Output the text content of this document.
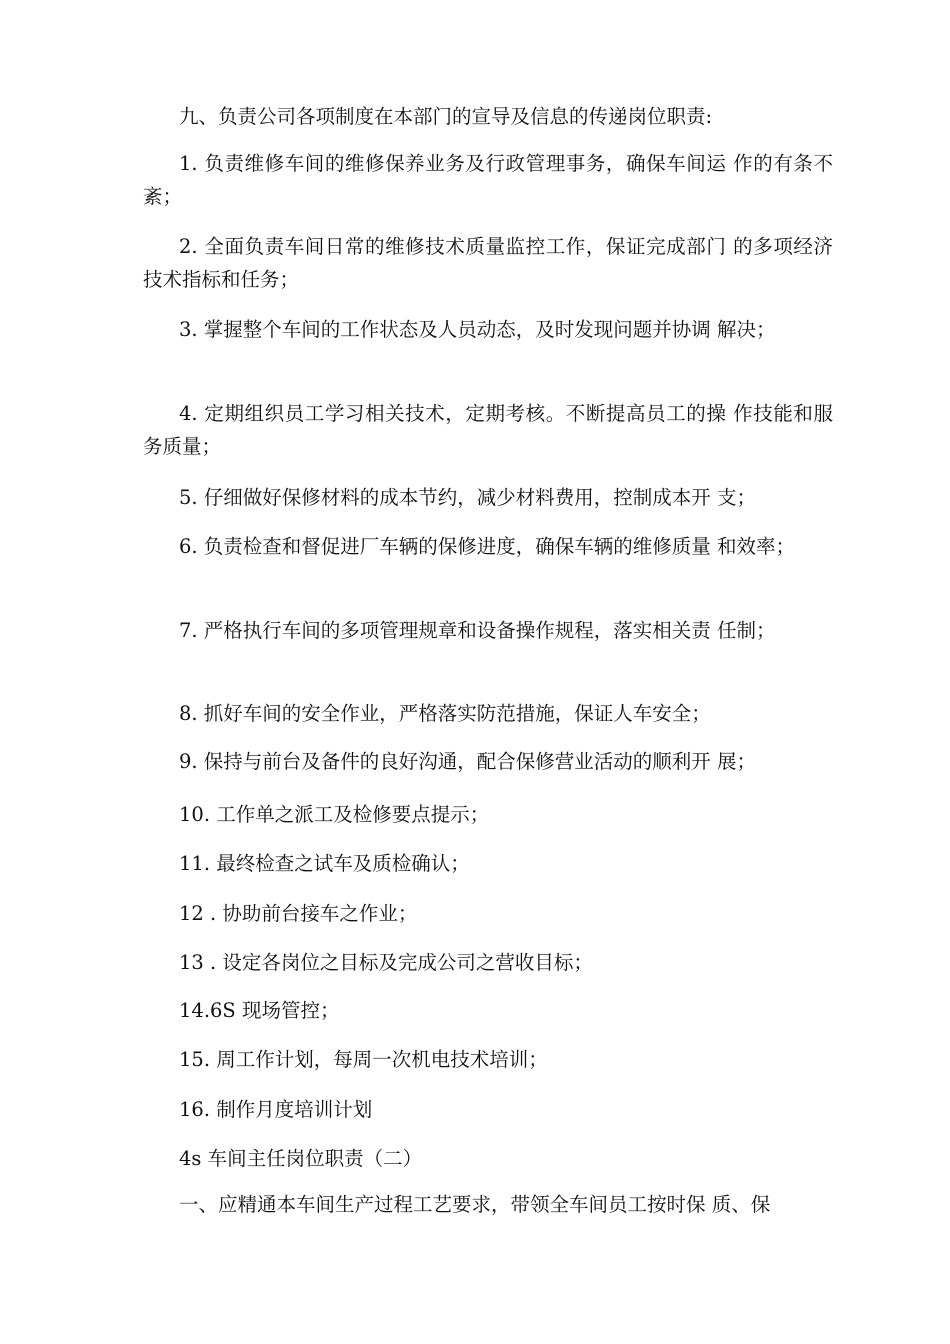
九、负责公司各项制度在本部门的宣导及信息的传递岗位职责:

1. 负责维修车间的维修保养业务及行政管理事务，确保车间运 作的有条不紊；

2. 全面负责车间日常的维修技术质量监控工作，保证完成部门 的多项经济技术指标和任务；

3. 掌握整个车间的工作状态及人员动态，及时发现问题并协调 解决；

4. 定期组织员工学习相关技术，定期考核。不断提高员工的操 作技能和服务质量；

5. 仔细做好保修材料的成本节约，减少材料费用，控制成本开 支；

6. 负责检查和督促进厂车辆的保修进度，确保车辆的维修质量 和效率；

7. 严格执行车间的多项管理规章和设备操作规程，落实相关责 任制；

8. 抓好车间的安全作业，严格落实防范措施，保证人车安全；

9. 保持与前台及备件的良好沟通，配合保修营业活动的顺利开 展；

10. 工作单之派工及检修要点提示；

11. 最终检查之试车及质检确认；

12 . 协助前台接车之作业；

13 . 设定各岗位之目标及完成公司之营收目标；

14.6S 现场管控；

15. 周工作计划，每周一次机电技术培训；

16. 制作月度培训计划

4s 车间主任岗位职责（二）

一、应精通本车间生产过程工艺要求，带领全车间员工按时保 质、保
